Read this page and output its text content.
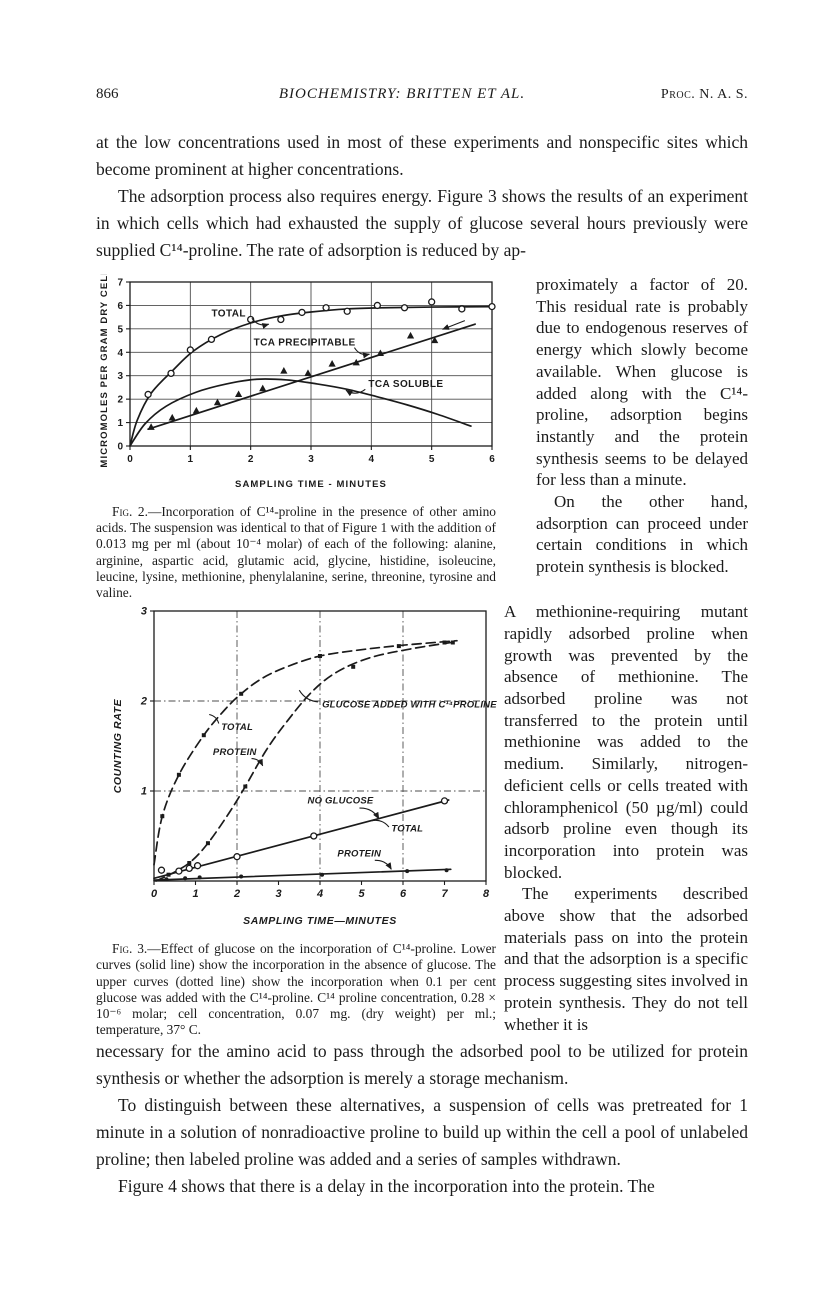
866	BIOCHEMISTRY: BRITTEN ET AL.	Proc. N. A. S.

at the low concentrations used in most of these experiments and nonspecific sites which become prominent at higher concentrations.

The adsorption process also requires energy. Figure 3 shows the results of an experiment in which cells which had exhausted the supply of glucose several hours previously were supplied C¹⁴-proline. The rate of adsorption is reduced by ap-

0	1	2	3	4	5	6
0
1
2
3
4
5
6
7
SAMPLING TIME - MINUTES
MICROMOLES PER GRAM DRY CELLS	TOTAL
TCA PRECIPITABLE
TCA SOLUBLE
Fig. 2.—Incorporation of C¹⁴-proline in the presence of other amino acids. The suspension was identical to that of Figure 1 with the addition of 0.013 mg per ml (about 10⁻⁴ molar) of each of the following: alanine, arginine, aspartic acid, glutamic acid, glycine, histidine, isoleucine, leucine, lysine, methionine, phenylalanine, serine, threonine, tyrosine and valine.

proximately a factor of 20. This residual rate is probably due to endogenous reserves of energy which slowly become available. When glucose is added along with the C¹⁴-proline, adsorption begins instantly and the protein synthesis seems to be delayed for less than a minute.

On the other hand, adsorption can proceed under certain conditions in which protein synthesis is blocked.

0	1	2	3	4	5	6	7	8
1
2
3
SAMPLING TIME—MINUTES
COUNTING RATE	TOTAL
PROTEIN
GLUCOSE ADDED WITH C¹⁴PROLINE
NO GLUCOSE
TOTAL
PROTEIN
Fig. 3.—Effect of glucose on the incorporation of C¹⁴-proline. Lower curves (solid line) show the incorporation in the absence of glucose. The upper curves (dotted line) show the incorporation when 0.1 per cent glucose was added with the C¹⁴-proline. C¹⁴ proline concentration, 0.28 × 10⁻⁶ molar; cell concentration, 0.07 mg. (dry weight) per ml.; temperature, 37° C.

A methionine-requiring mutant rapidly adsorbed proline when growth was prevented by the absence of methionine. The adsorbed proline was not transferred to the protein until methionine was added to the medium. Similarly, nitrogen-deficient cells or cells treated with chloramphenicol (50 µg/ml) could adsorb proline even though its incorporation into protein was blocked.

The experiments described above show that the adsorbed materials pass on into the protein and that the adsorption is a specific process suggesting sites involved in protein synthesis. They do not tell whether it is

necessary for the amino acid to pass through the adsorbed pool to be utilized for protein synthesis or whether the adsorption is merely a storage mechanism.

To distinguish between these alternatives, a suspension of cells was pretreated for 1 minute in a solution of nonradioactive proline to build up within the cell a pool of unlabeled proline; then labeled proline was added and a series of samples withdrawn.

Figure 4 shows that there is a delay in the incorporation into the protein. The
